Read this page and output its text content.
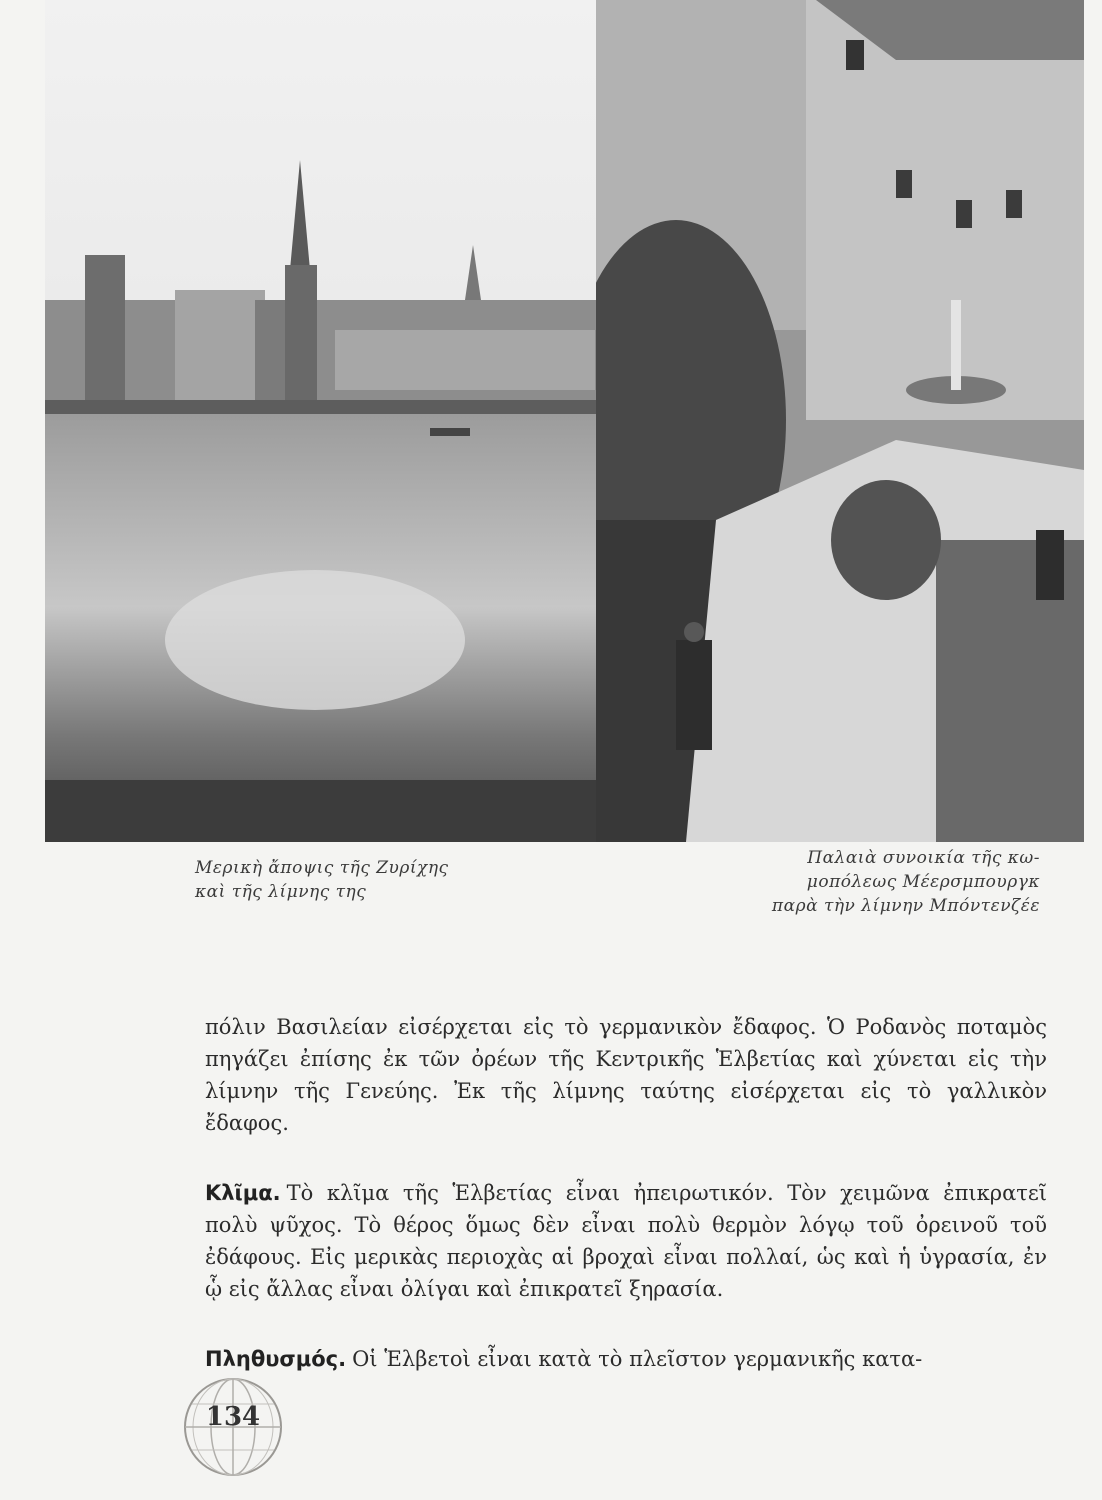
Μερικὴ ἄποψις τῆς Ζυρίχης
καὶ τῆς λίμνης της
Παλαιὰ συνοικία τῆς κω-
μοπόλεως Μέερσμπουργκ
παρὰ τὴν λίμνην Μπόντενζέε

πόλιν Βασιλείαν εἰσέρχεται εἰς τὸ γερμανικὸν ἔδαφος. Ὁ Ροδανὸς ποταμὸς πηγάζει ἐπίσης ἐκ τῶν ὀρέων τῆς Κεντρικῆς Ἑλβετίας καὶ χύνεται εἰς τὴν λίμνην τῆς Γενεύης. Ἐκ τῆς λίμνης ταύτης εἰσέρχεται εἰς τὸ γαλλικὸν ἔδαφος.

Κλῖμα. Τὸ κλῖμα τῆς Ἑλβετίας εἶναι ἠπειρωτικόν. Τὸν χειμῶνα ἐπικρατεῖ πολὺ ψῦχος. Τὸ θέρος ὅμως δὲν εἶναι πολὺ θερμὸν λόγῳ τοῦ ὀρεινοῦ τοῦ ἐδάφους. Εἰς μερικὰς περιοχὰς αἱ βροχαὶ εἶναι πολλαί, ὡς καὶ ἡ ὑγρασία, ἐν ᾧ εἰς ἄλλας εἶναι ὀλίγαι καὶ ἐπικρατεῖ ξηρασία.

Πληθυσμός. Οἱ Ἑλβετοὶ εἶναι κατὰ τὸ πλεῖστον γερμανικῆς κατα-

134
